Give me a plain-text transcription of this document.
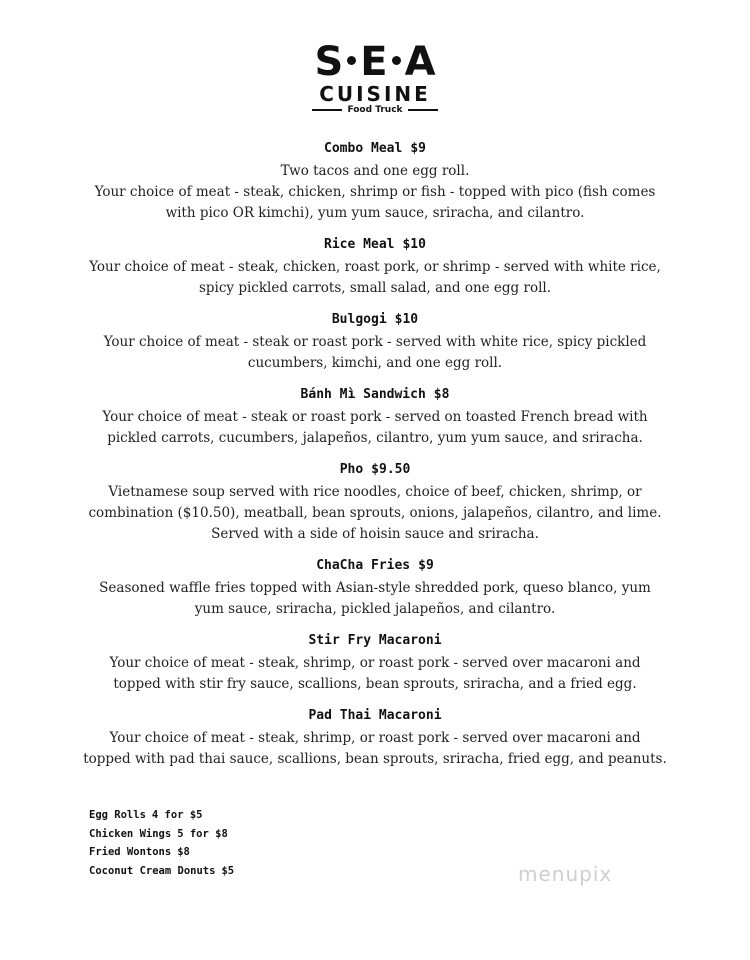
S E A
CUISINE
Food Truck
Combo Meal $9
Two tacos and one egg roll.
Your choice of meat - steak, chicken, shrimp or fish - topped with pico (fish comes
with pico OR kimchi), yum yum sauce, sriracha, and cilantro.
Rice Meal $10
Your choice of meat - steak, chicken, roast pork, or shrimp - served with white rice,
spicy pickled carrots, small salad, and one egg roll.
Bulgogi $10
Your choice of meat - steak or roast pork - served with white rice, spicy pickled
cucumbers, kimchi, and one egg roll.
Bánh Mì Sandwich $8
Your choice of meat - steak or roast pork - served on toasted French bread with
pickled carrots, cucumbers, jalapeños, cilantro, yum yum sauce, and sriracha.
Pho $9.50
Vietnamese soup served with rice noodles, choice of beef, chicken, shrimp, or
combination ($10.50), meatball, bean sprouts, onions, jalapeños, cilantro, and lime.
Served with a side of hoisin sauce and sriracha.
ChaCha Fries $9
Seasoned waffle fries topped with Asian-style shredded pork, queso blanco, yum
yum sauce, sriracha, pickled jalapeños, and cilantro.
Stir Fry Macaroni
Your choice of meat - steak, shrimp, or roast pork - served over macaroni and
topped with stir fry sauce, scallions, bean sprouts, sriracha, and a fried egg.
Pad Thai Macaroni
Your choice of meat - steak, shrimp, or roast pork - served over macaroni and
topped with pad thai sauce, scallions, bean sprouts, sriracha, fried egg, and peanuts.
Egg Rolls 4 for $5
Chicken Wings 5 for $8
Fried Wontons $8
Coconut Cream Donuts $5	menupix
